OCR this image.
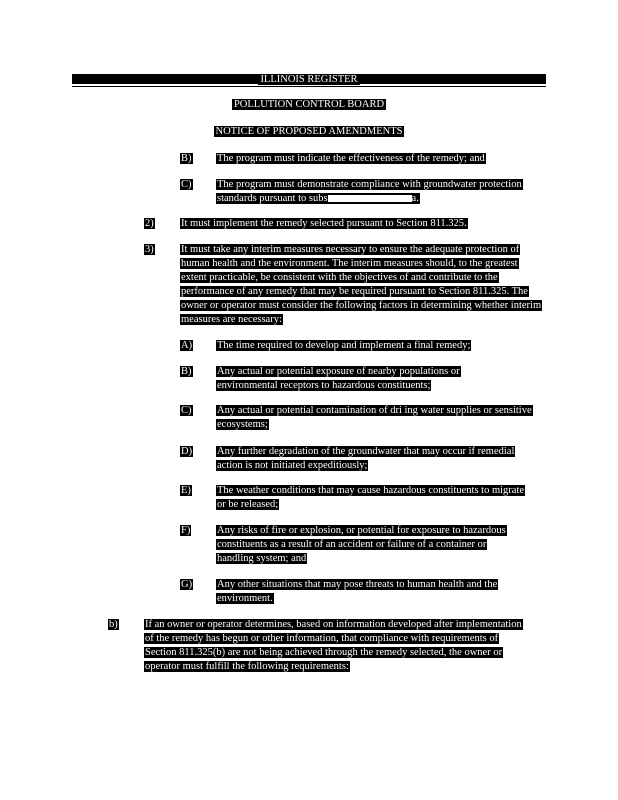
ILLINOIS REGISTER
POLLUTION CONTROL BOARD
NOTICE OF PROPOSED AMENDMENTS
B) The program must indicate the effectiveness of the remedy; and
C) The program must demonstrate compliance with groundwater protection standards pursuant to subs	a.
2)	It must implement the remedy selected pursuant to Section 811.325.
3)	It must take any interim measures necessary to ensure the adequate protection of human health and the environment. The interim measures should, to the greatest extent practicable, be consistent with the objectives of and contribute to the performance of any remedy that may be required pursuant to Section 811.325. The owner or operator must consider the following factors in determining whether interim measures are necessary:
A) The time required to develop and implement a final remedy;
B) Any actual or potential exposure of nearby populations or environmental receptors to hazardous constituents;
C) Any actual or potential contamination of dri ing water supplies or sensitive ecosystems;
D) Any further degradation of the groundwater that may occur if remedial action is not initiated expeditiously;
E) The weather conditions that may cause hazardous constituents to migrate or be released;
F)	Any risks of fire or explosion, or potential for exposure to hazardous constituents as a result of an accident or failure of a container or handling system; and
G) Any other situations that may pose threats to human health and the environment.
b)	If an owner or operator determines, based on information developed after implementation of the remedy has begun or other information, that compliance with requirements of Section 811.325(b) are not being achieved through the remedy selected, the owner or operator must fulfill the following requirements:
